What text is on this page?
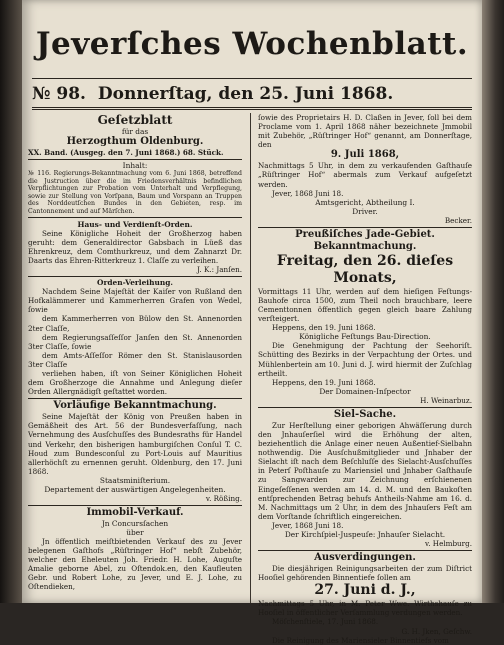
Jeverſches Wochenblatt.
№ 98. Donnerſtag, den 25. Juni 1868.
Geſetzblatt
für das
Herzogthum Oldenburg.
XX. Band. (Ausgeg. den 7. Juni 1868.) 68. Stück.
Inhalt:
№ 116. Regierungs-Bekanntmachung vom 6. Juni 1868, betreffend die Justruction über die im Friedensverhältnis befindlichen Verpflichtungen zur Probation vom Unterhalt und Verpflegung, sowie zur Stellung von Vorſpann, Baum und Vorspann an Truppen des Norddeutſchen Bundes in den Gebieten, resp. im Cantonnement und auf Märſchen.
Haus- und Verdienſt-Orden.
Seine Königliche Hoheit der Großherzog haben geruht: dem Generaldirector Gabsbach in Lüeß das Ehrenkreuz, dem Comthurkreuz, und dem Zahnarzt Dr. Daarts das Ehren-Ritterkreuz 1. Claſſe zu verleihen.
J. K.: Janſen.
Orden-Verleihung.
Nachdem Seine Majeſtät der Kaiſer von Rußland den Hofkalämmerer und Kammerherren Grafen von Wedel, ſowie
dem Kammerherren von Bülow den St. Annenorden 2ter Claſſe,
dem Regierungsaſſeſſor Janſen den St. Annenorden 3ter Claſſe, ſowie
dem Amts-Aſſeſſor Römer den St. Stanislausorden 3ter Claſſe
verliehen haben, iſt von Seiner Königlichen Hoheit dem Großherzoge die Annahme und Anlegung dieſer Orden Allergnädigſt geſtattet worden.
Vorläufige Bekanntmachung.
Seine Majeſtät der König von Preußen haben in Gemäßheit des Art. 56 der Bundesverfaſſung, nach Vernehmung des Ausſchuſſes des Bundesraths für Handel und Verkehr, den bisherigen hamburgiſchen Conſul T. C. Houd zum Bundesconſul zu Port-Louis auf Mauritius allerhöchſt zu ernennen geruht. Oldenburg, den 17. Juni 1868.
Staatsminiſterium.
Departement der auswärtigen Angelegenheiten.
v. Rößing.
Immobil-Verkauf.
Jn Concursſachen
über
Jn öffentlich meiſtbietenden Verkauf des zu Jever belegenen Gaſthofs „Rüſtringer Hof“ nebſt Zubehör, welcher den Eheleuten Joh. Friedr. H. Lohe, Auguſte Amalie geborne Abel, zu Oſtendok.en, den Kaufleuten Gebr. und Robert Lohe, zu Jever, und E. J. Lohe, zu Oſtendieken,
ſowie des Proprietairs H. D. Claßen in Jever, ſoll bei dem Proclame vom 1. April 1868 näher bezeichnete Jmmobil mit Zubehör, „Rüſtringer Hof“ genannt, am Donnerſtage, den
9. Juli 1868,
Nachmittags 5 Uhr, in dem zu verkaufenden Gaſthauſe „Rüſtringer Hof“ abermals zum Verkauf aufgeſetzt werden.
Jever, 1868 Juni 18.
Amtsgericht, Abtheilung I.
Driver.
Becker.
Preußiſches Jade-Gebiet.
Bekanntmachung.
Freitag, den 26. dieſes Monats,
Vormittags 11 Uhr, werden auf dem hieſigen Feſtungs-Bauhofe circa 1500, zum Theil noch brauchbare, leere Cementtonnen öffentlich gegen gleich baare Zahlung verſteigert.
Heppens, den 19. Juni 1868.
Königliche Feſtungs Bau-Direction.
Die Genehmigung der Pachtung der Seehoriſt. Schütting des Bezirks in der Verpachtung der Ortes. und Mühlenbertein am 10. Juni d. J. wird hiermit der Zuſchlag ertheilt.
Heppens, den 19. Juni 1868.
Der Domainen-Inſpector
H. Weinarbuz.
Siel-Sache.
Zur Herſtellung einer geborigen Ahwäſſerung durch den Jnhauſerſiel wird die Erhöhung der alten, beziehentlich die Anlage einer neuen Außentief-Sielbahn nothwendig. Die Ausſchußmitglieder und Jnhaber der Sielacht iſt nach dem Beſchluſſe des Sielacht-Ausſchuſſes in Peterſ Poſthauſe zu Mariensiel und Jnhaber Gaſthauſe zu Sangwarden zur Zeichnung erſchienenen Eingeſeſſenen werden am 14. d. M. und den Baukoſten entſprechenden Betrag behufs Antheils-Nahme am 16. d. M. Nachmittags um 2 Uhr, in dem des Jnhauſers Feſt am dem Vorſtande ſchriftlich eingereichen.
Jever, 1868 Juni 18.
Der Kirchſpiel-Juspeuſe: Jnhauſer Sielacht.
v. Helmburg.
Ausverdingungen.
Die diesjährigen Reinigungsarbeiten der zum Diſtrict Hooſiel gehörenden Binnentiefe ſollen am
27. Juni d. J.,
Nachmittags 5 Uhr, in M. Peter Wwe. Wirthshauſe zu Hooſiel in öffentlicher Verſammlung verdungen werden.
Möſchenſtiele, 17. Juni 1868.
G. H. Jken, Geſchw.
Die Reinigung des Mariensieler Binnentiefs vom
